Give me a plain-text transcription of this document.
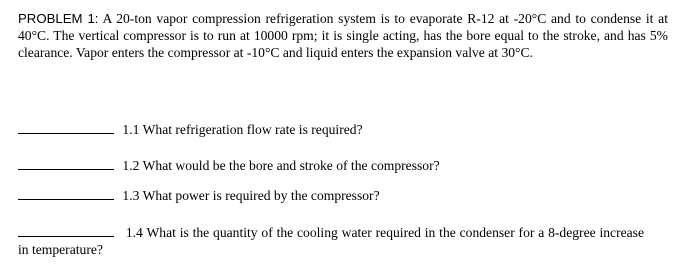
PROBLEM 1: A 20-ton vapor compression refrigeration system is to evaporate R-12 at -20°C and to condense it at 40°C. The vertical compressor is to run at 10000 rpm; it is single acting, has the bore equal to the stroke, and has 5% clearance. Vapor enters the compressor at -10°C and liquid enters the expansion valve at 30°C.
1.1 What refrigeration flow rate is required?
1.2 What would be the bore and stroke of the compressor?
1.3 What power is required by the compressor?
1.4 What is the quantity of the cooling water required in the condenser for a 8-degree increase in temperature?
